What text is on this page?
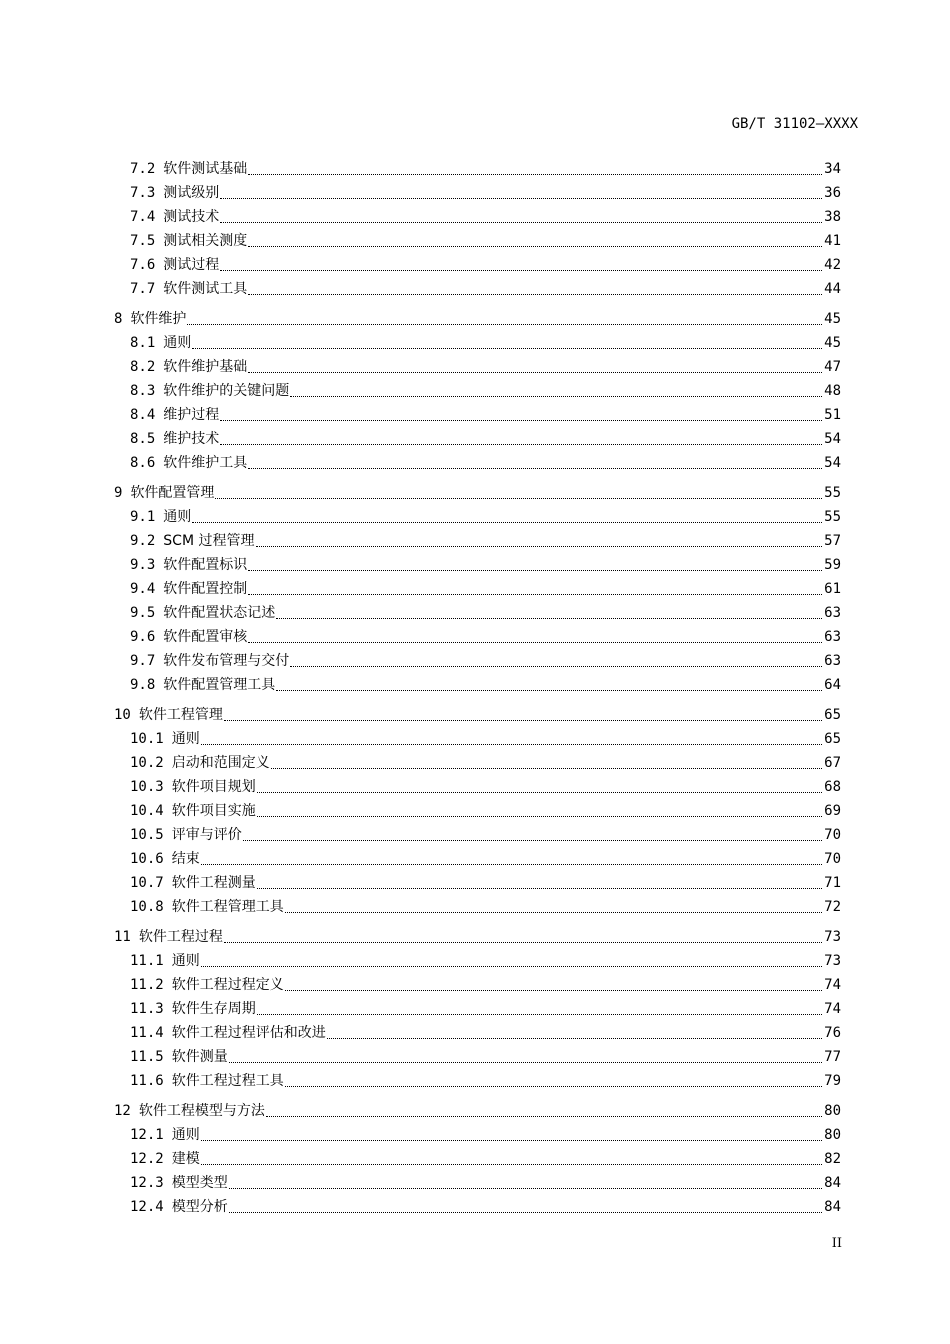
GB/T 31102—XXXX
7.2 软件测试基础	34
7.3 测试级别	36
7.4 测试技术	38
7.5 测试相关测度	41
7.6 测试过程	42
7.7 软件测试工具	44
8 软件维护	45
8.1 通则	45
8.2 软件维护基础	47
8.3 软件维护的关键问题	48
8.4 维护过程	51
8.5 维护技术	54
8.6 软件维护工具	54
9 软件配置管理	55
9.1 通则	55
9.2 SCM 过程管理	57
9.3 软件配置标识	59
9.4 软件配置控制	61
9.5 软件配置状态记述	63
9.6 软件配置审核	63
9.7 软件发布管理与交付	63
9.8 软件配置管理工具	64
10 软件工程管理	65
10.1 通则	65
10.2 启动和范围定义	67
10.3 软件项目规划	68
10.4 软件项目实施	69
10.5 评审与评价	70
10.6 结束	70
10.7 软件工程测量	71
10.8 软件工程管理工具	72
11 软件工程过程	73
11.1 通则	73
11.2 软件工程过程定义	74
11.3 软件生存周期	74
11.4 软件工程过程评估和改进	76
11.5 软件测量	77
11.6 软件工程过程工具	79
12 软件工程模型与方法	80
12.1 通则	80
12.2 建模	82
12.3 模型类型	84
12.4 模型分析	84
II
